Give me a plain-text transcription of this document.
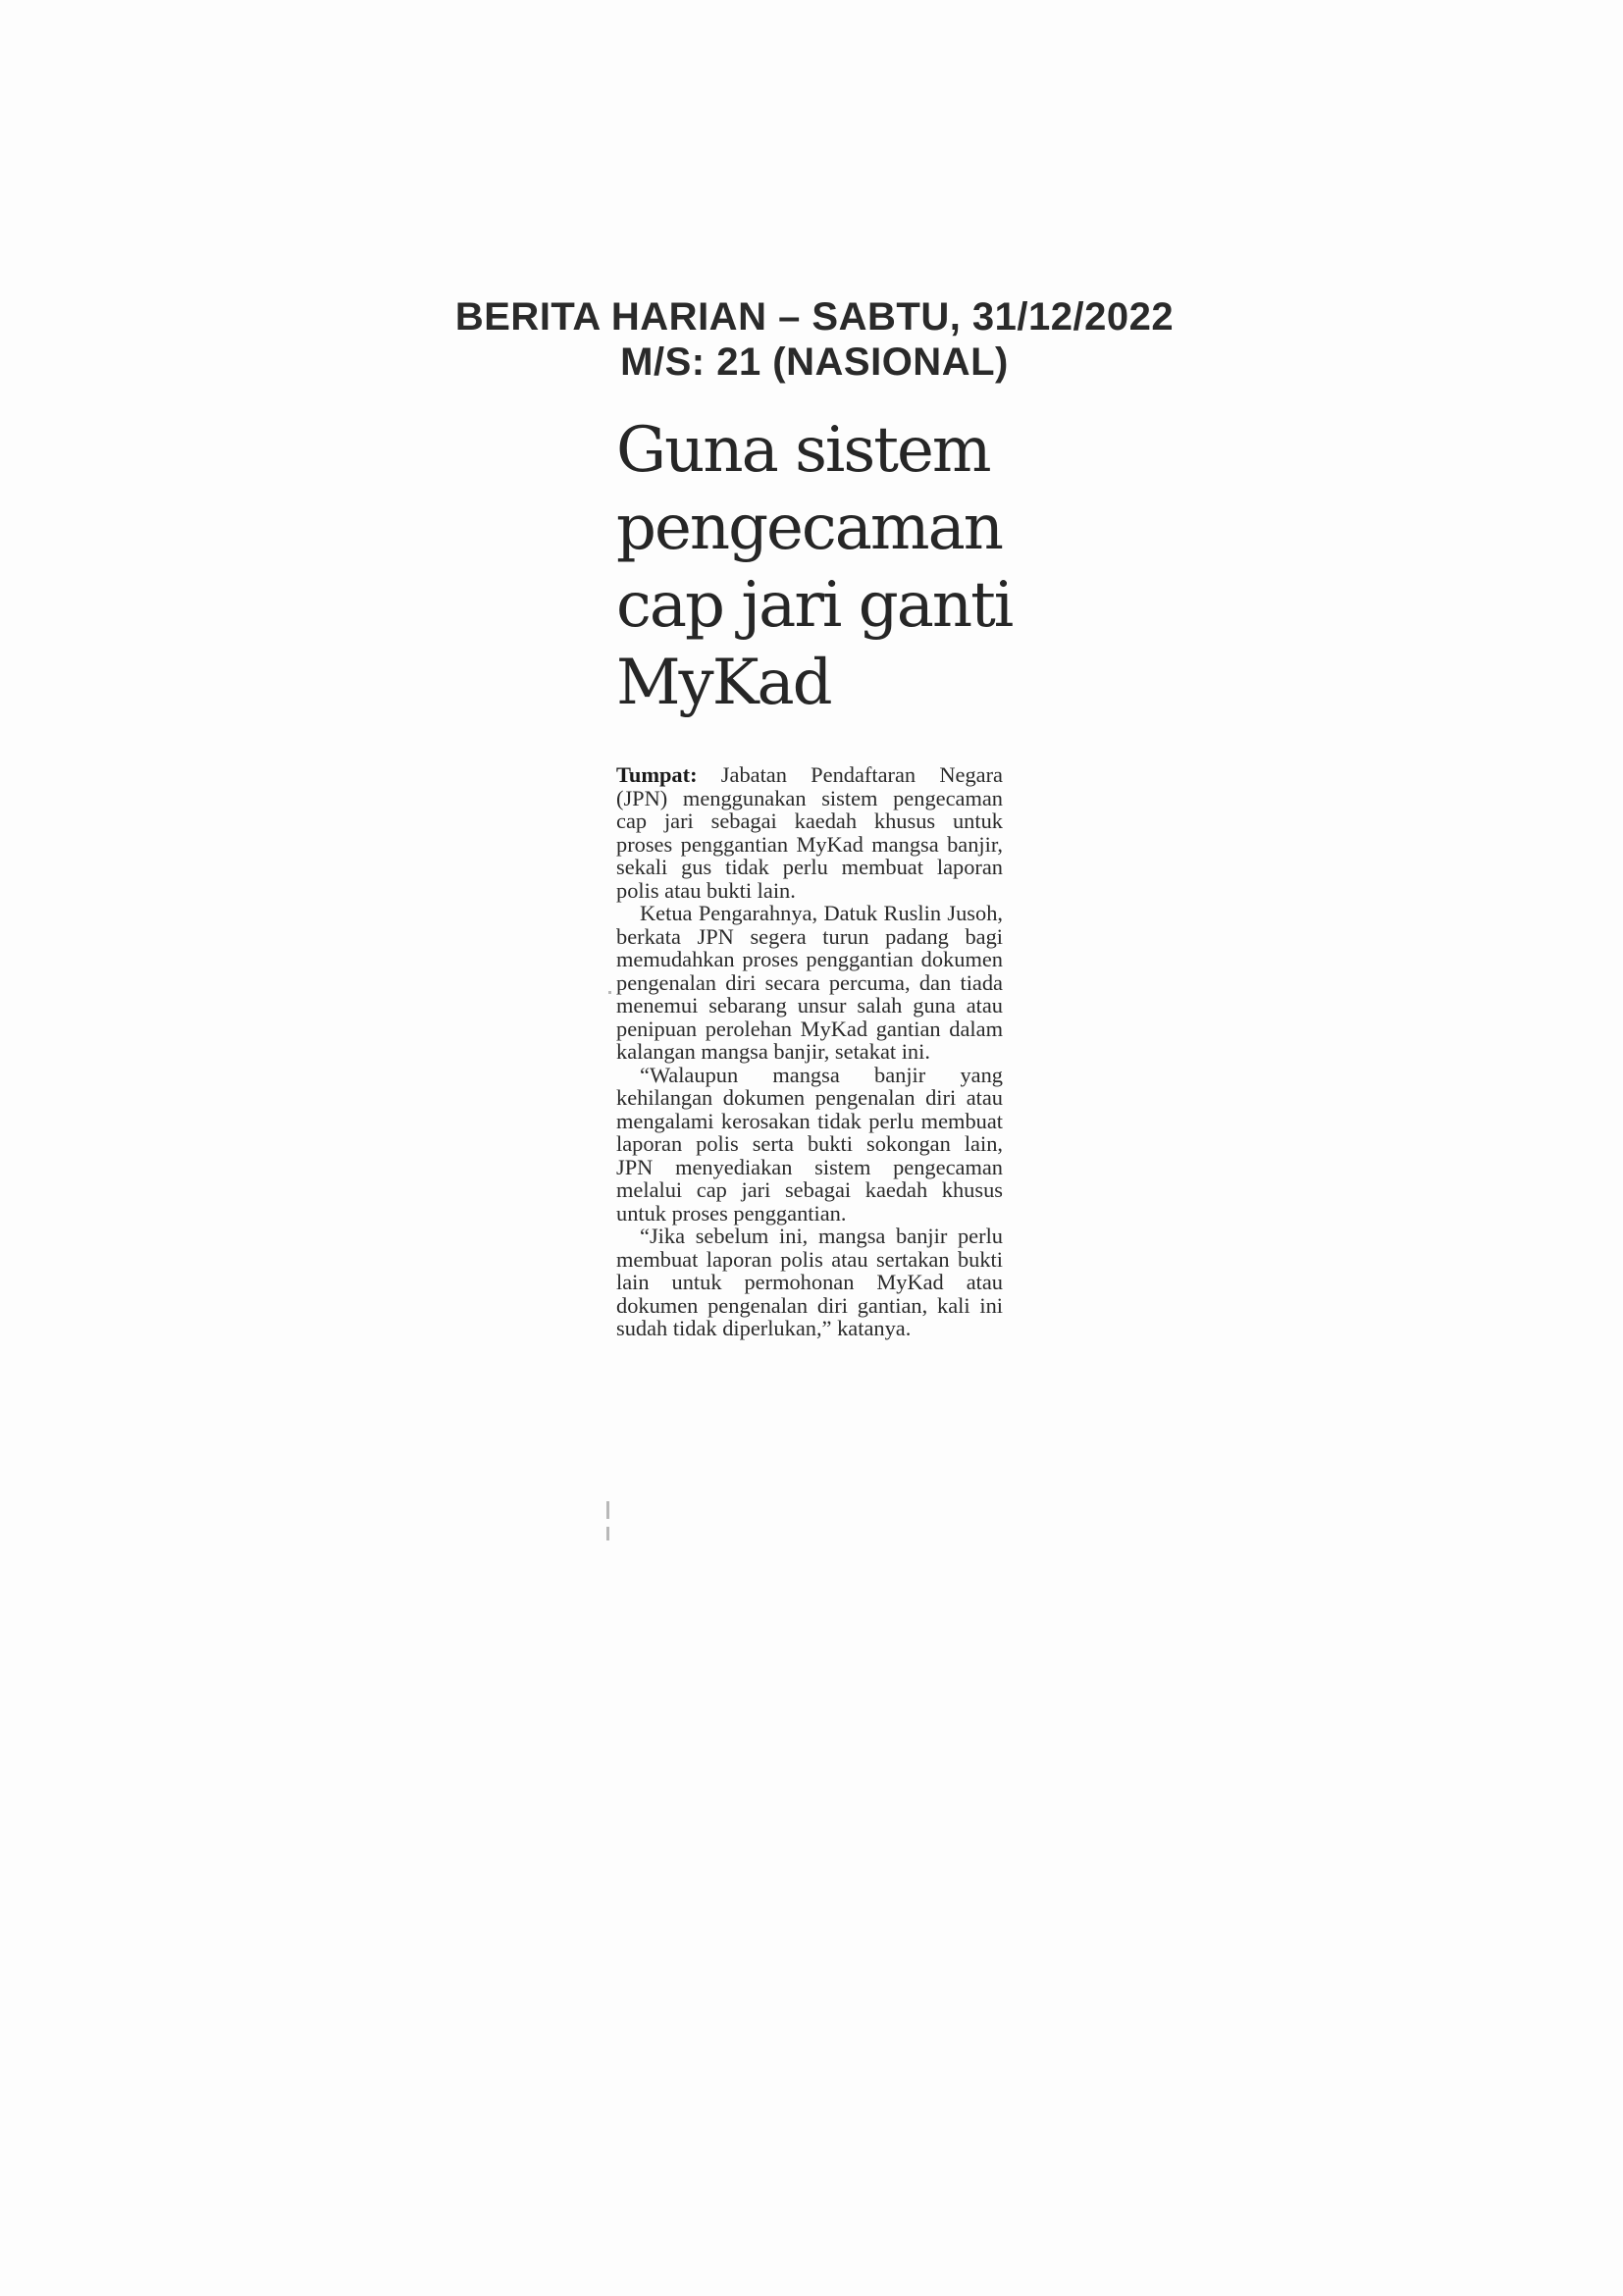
BERITA HARIAN – SABTU, 31/12/2022
M/S: 21 (NASIONAL)
Guna sistem
pengecaman
cap jari ganti
MyKad

Tumpat: Jabatan Pendaftaran Negara (JPN) menggunakan sistem pengecaman cap jari sebagai kaedah khusus untuk proses penggantian MyKad mangsa banjir, sekali gus tidak perlu membuat laporan polis atau bukti lain.

Ketua Pengarahnya, Datuk Ruslin Jusoh, berkata JPN segera turun padang bagi memudahkan proses penggantian dokumen pengenalan diri secara percuma, dan tiada menemui sebarang unsur salah guna atau penipuan perolehan MyKad gantian dalam kalangan mangsa banjir, setakat ini.

“Walaupun mangsa banjir yang kehilangan dokumen pengenalan diri atau mengalami kerosakan tidak perlu membuat laporan polis serta bukti sokongan lain, JPN menyediakan sistem pengecaman melalui cap jari sebagai kaedah khusus untuk proses penggantian.

“Jika sebelum ini, mangsa banjir perlu membuat laporan polis atau sertakan bukti lain untuk permohonan MyKad atau dokumen pengenalan diri gantian, kali ini sudah tidak diperlukan,” katanya.
